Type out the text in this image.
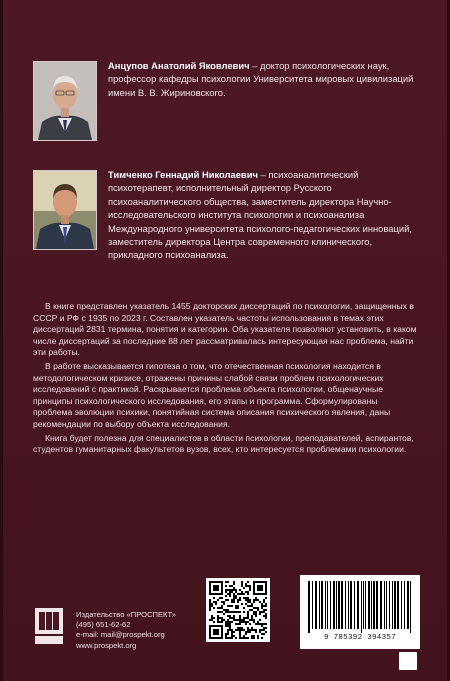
Анцупов Анатолий Яковлевич – доктор психологических наук, профессор кафедры психологии Университета мировых цивилизаций имени В. В. Жириновского.
Тимченко Геннадий Николаевич – психоаналитический психотерапевт, исполнительный директор Русского психоаналитического общества, заместитель директора Научно-исследовательского института психологии и психоанализа Международного университета психолого-педагогических инноваций, заместитель директора Центра современного клинического, прикладного психоанализа.

В книге представлен указатель 1455 докторских диссертаций по психологии, защищенных в СССР и РФ с 1935 по 2023 г. Составлен указатель частоты использования в темах этих диссертаций 2831 термина, понятия и категории. Оба указателя позволяют установить, в каком числе диссертаций за последние 88 лет рассматривалась интересующая нас проблема, найти эти работы.

В работе высказывается гипотеза о том, что отечественная психология находится в методологическом кризисе, отражены причины слабой связи проблем психологических исследований с практикой. Раскрывается проблема объекта психологии, общенаучные принципы психологического исследования, его этапы и программа. Сформулированы проблема эволюции психики, понятийная система описания психического явления, даны рекомендации по выбору объекта исследования.

Книга будет полезна для специалистов в области психологии, преподавателей, аспирантов, студентов гуманитарных факультетов вузов, всех, кто интересуется проблемами психологии.

Издательство «ПРОСПЕКТ»
(495) 651-62-62
e-mail: mail@prospekt.org
www.prospekt.org
9 785392 394357
